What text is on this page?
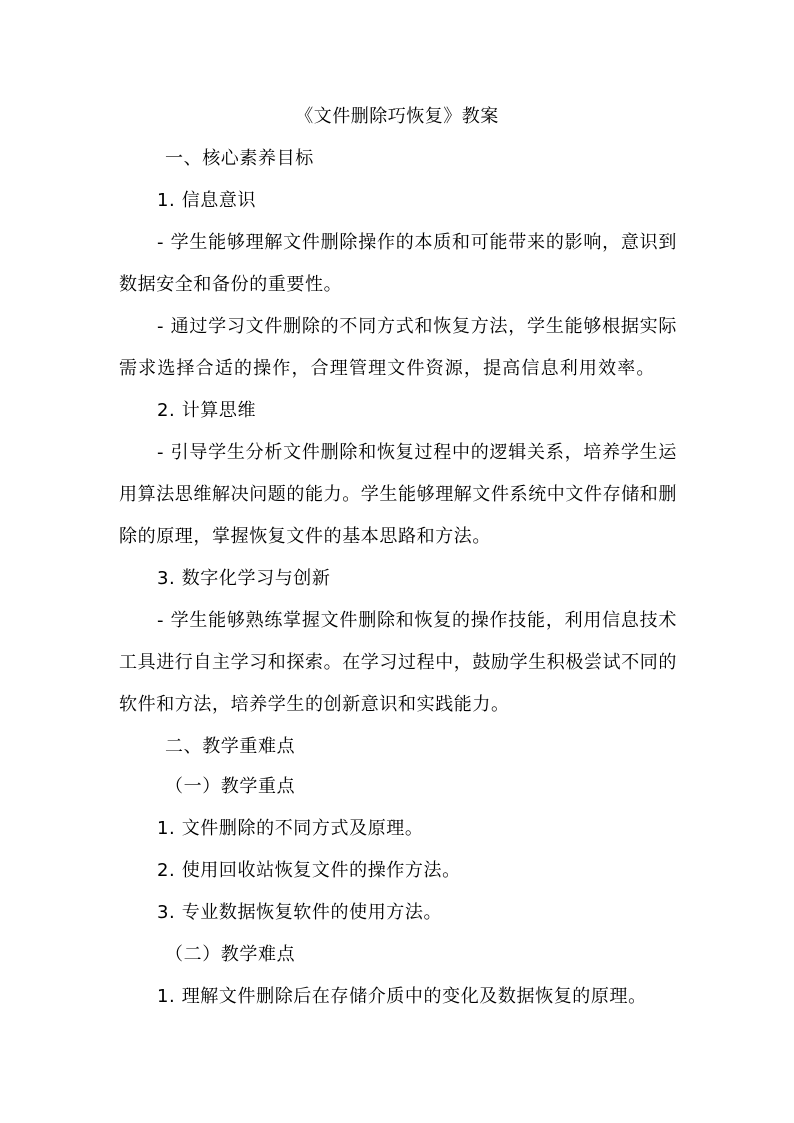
《文件删除巧恢复》教案
一、核心素养目标
1. 信息意识
- 学生能够理解文件删除操作的本质和可能带来的影响，意识到
数据安全和备份的重要性。
- 通过学习文件删除的不同方式和恢复方法，学生能够根据实际
需求选择合适的操作，合理管理文件资源，提高信息利用效率。
2. 计算思维
- 引导学生分析文件删除和恢复过程中的逻辑关系，培养学生运
用算法思维解决问题的能力。学生能够理解文件系统中文件存储和删
除的原理，掌握恢复文件的基本思路和方法。
3. 数字化学习与创新
- 学生能够熟练掌握文件删除和恢复的操作技能，利用信息技术
工具进行自主学习和探索。在学习过程中，鼓励学生积极尝试不同的
软件和方法，培养学生的创新意识和实践能力。
二、教学重难点
（一）教学重点
1. 文件删除的不同方式及原理。
2. 使用回收站恢复文件的操作方法。
3. 专业数据恢复软件的使用方法。
（二）教学难点
1. 理解文件删除后在存储介质中的变化及数据恢复的原理。
